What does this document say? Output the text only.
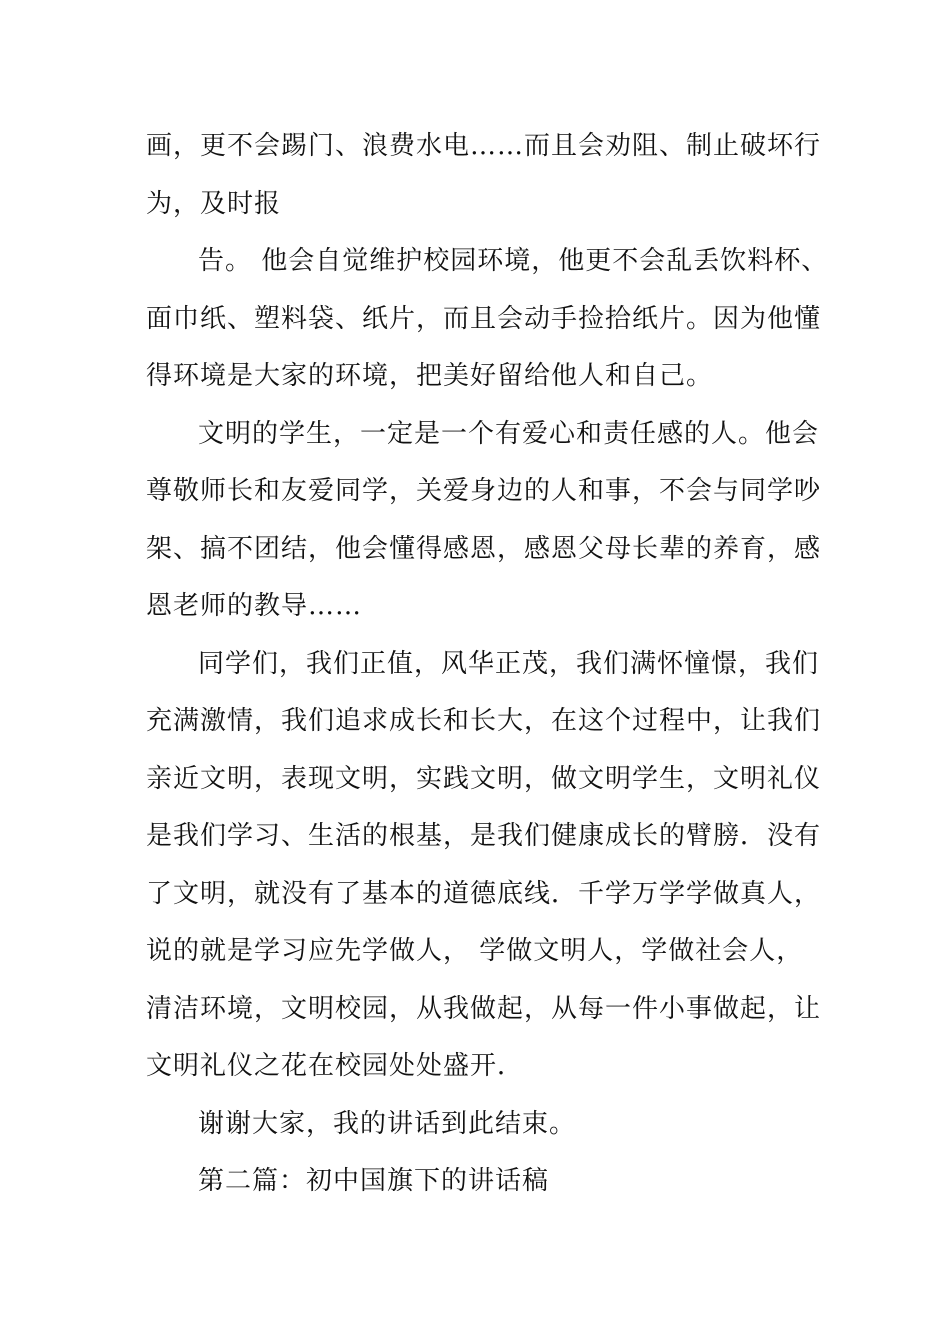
画，更不会踢门、浪费水电……而且会劝阻、制止破坏行
为，及时报
告。 他会自觉维护校园环境，他更不会乱丢饮料杯、
面巾纸、塑料袋、纸片，而且会动手捡拾纸片。因为他懂
得环境是大家的环境，把美好留给他人和自己。
文明的学生，一定是一个有爱心和责任感的人。他会
尊敬师长和友爱同学，关爱身边的人和事，不会与同学吵
架、搞不团结，他会懂得感恩，感恩父母长辈的养育，感
恩老师的教导……
同学们，我们正值，风华正茂，我们满怀憧憬，我们
充满激情，我们追求成长和长大，在这个过程中，让我们
亲近文明，表现文明，实践文明，做文明学生，文明礼仪
是我们学习、生活的根基，是我们健康成长的臂膀．没有
了文明，就没有了基本的道德底线．千学万学学做真人，
说的就是学习应先学做人， 学做文明人，学做社会人，
清洁环境，文明校园，从我做起，从每一件小事做起，让
文明礼仪之花在校园处处盛开．
谢谢大家，我的讲话到此结束。
第二篇：初中国旗下的讲话稿
